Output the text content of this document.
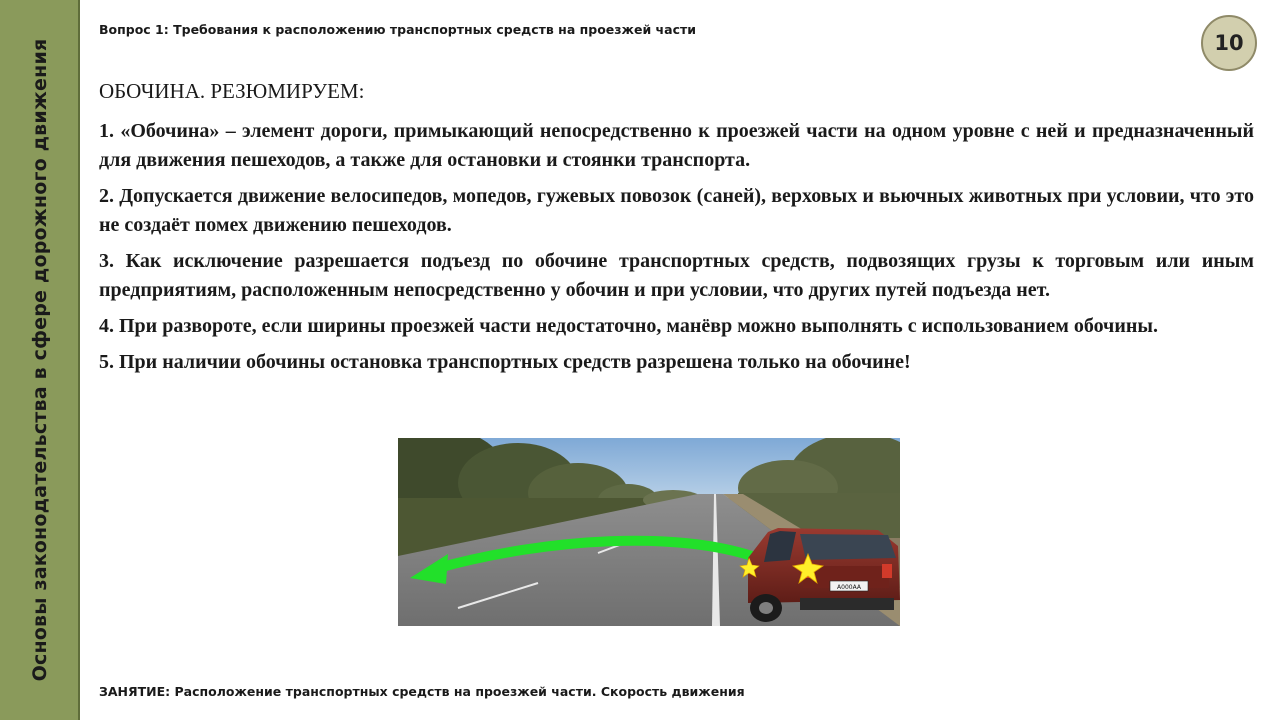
Основы законодательства в сфере дорожного движения
Вопрос 1: Требования к расположению транспортных средств на проезжей части
10
ОБОЧИНА. РЕЗЮМИРУЕМ:

1. «Обочина» – элемент дороги, примыкающий непосредственно к проезжей части на одном уровне с ней и предназначенный для движения пешеходов, а также для остановки и стоянки транспорта.

2. Допускается движение велосипедов, мопедов, гужевых повозок (саней), верховых и вьючных животных при условии, что это не создаёт помех движению пешеходов.

3. Как исключение разрешается подъезд по обочине транспортных средств, подвозящих грузы к торговым или иным предприятиям, расположенным непосредственно у обочин и при условии, что других путей подъезда нет.

4. При развороте, если ширины проезжей части недостаточно, манёвр можно выполнять с использованием обочины.

5. При наличии обочины остановка транспортных средств разрешена только на обочине!

A000AA
ЗАНЯТИЕ: Расположение транспортных средств на проезжей части. Скорость движения
